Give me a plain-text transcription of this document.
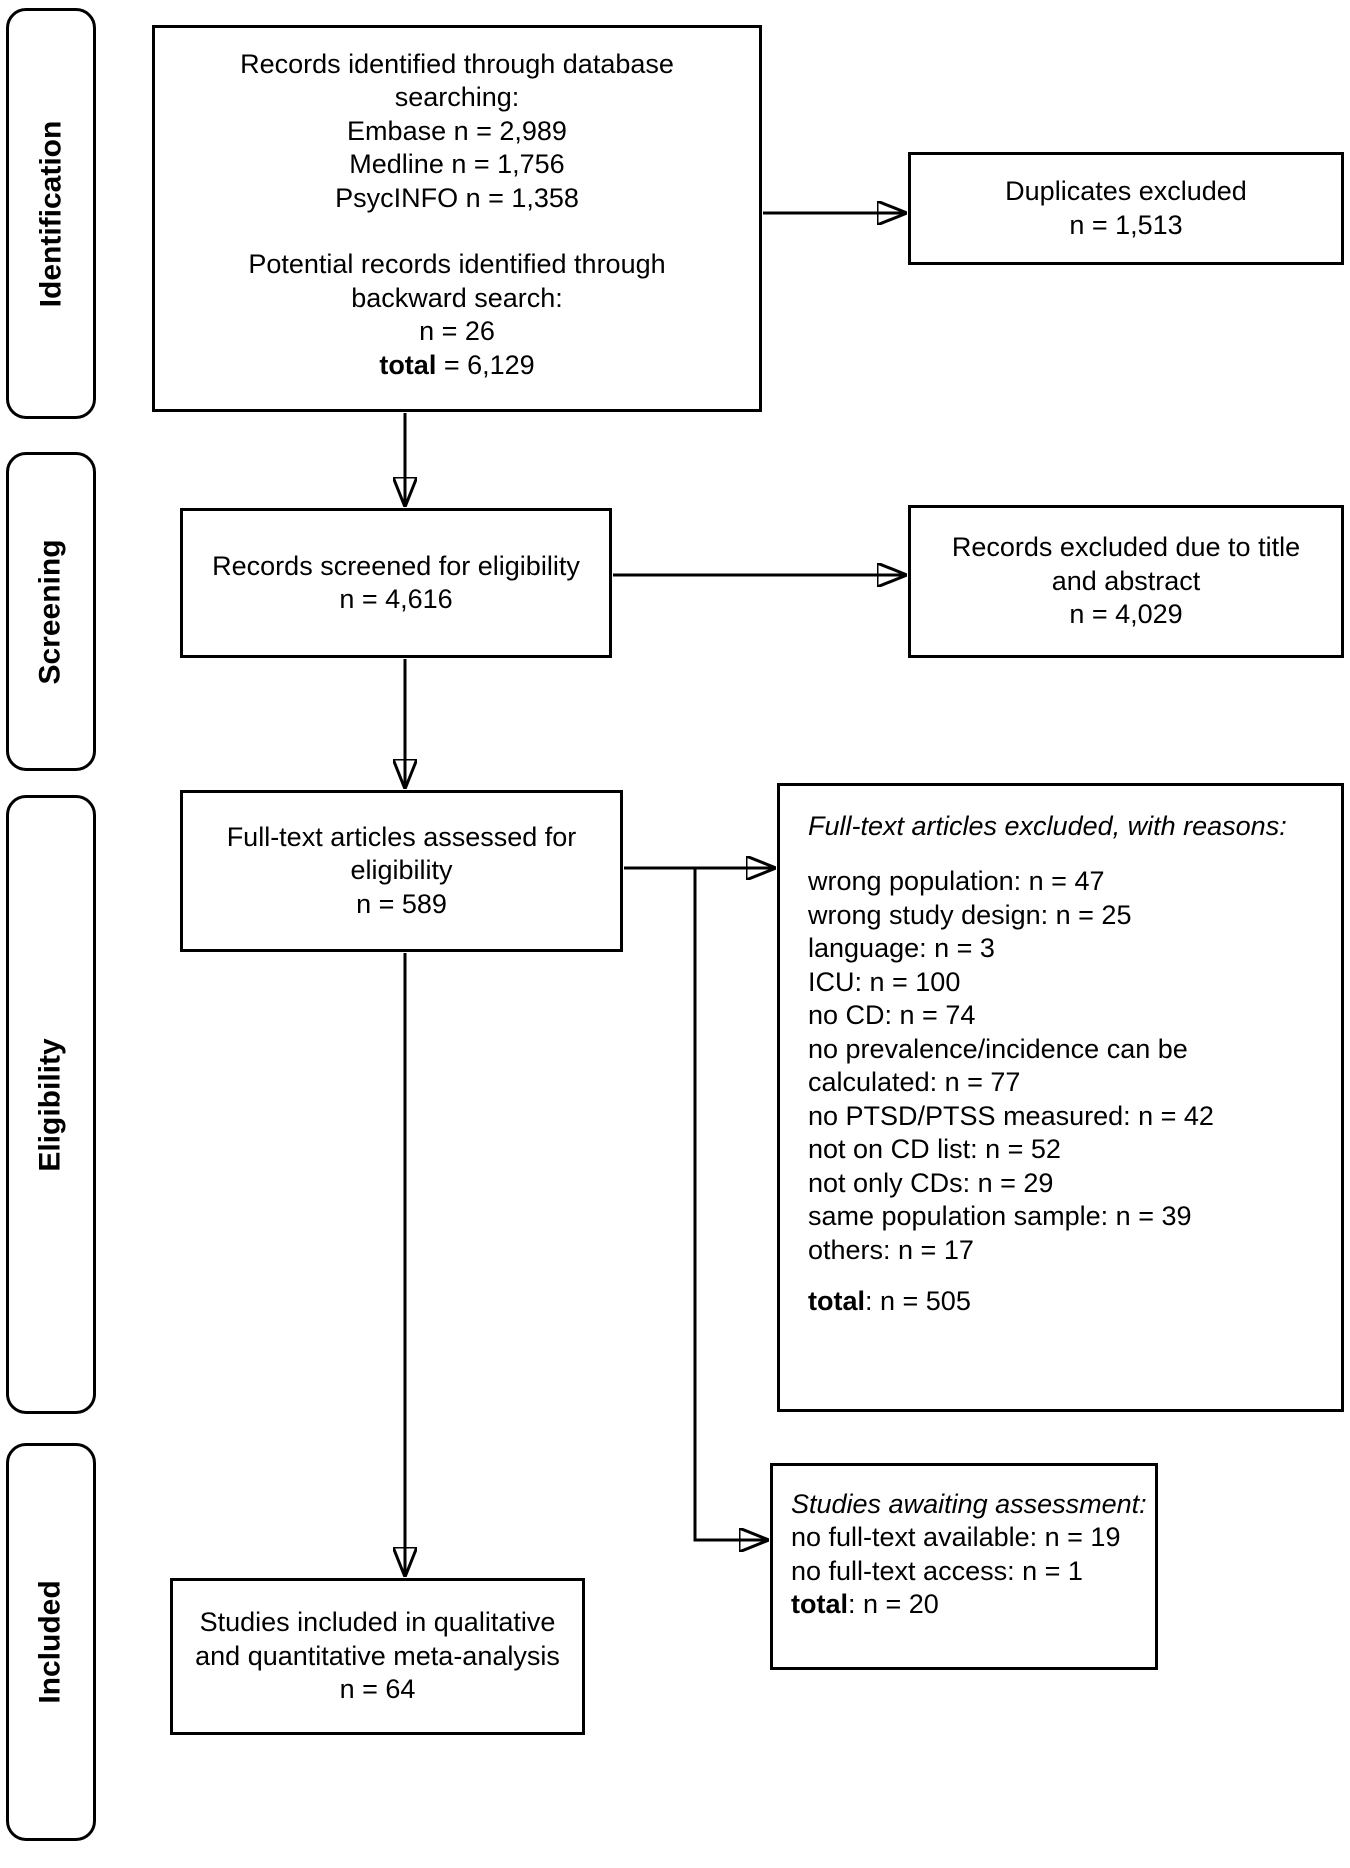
Identification
Screening
Eligibility
Included
Records identified through database searching:
Embase n = 2,989
Medline n = 1,756
PsycINFO n = 1,358
Potential records identified through backward search:
n = 26
total = 6,129
Duplicates excluded
n = 1,513
Records screened for eligibility
n = 4,616
Records excluded due to title and abstract
n = 4,029
Full-text articles assessed for eligibility
n = 589
Full-text articles excluded, with reasons:
wrong population: n = 47
wrong study design: n = 25
language: n = 3
ICU: n = 100
no CD: n = 74
no prevalence/incidence can be calculated: n = 77
no PTSD/PTSS measured: n = 42
not on CD list: n = 52
not only CDs: n = 29
same population sample: n = 39
others: n = 17
total: n = 505
Studies awaiting assessment:
no full-text available: n = 19
no full-text access: n = 1
total: n = 20
Studies included in qualitative and quantitative meta-analysis
n = 64
